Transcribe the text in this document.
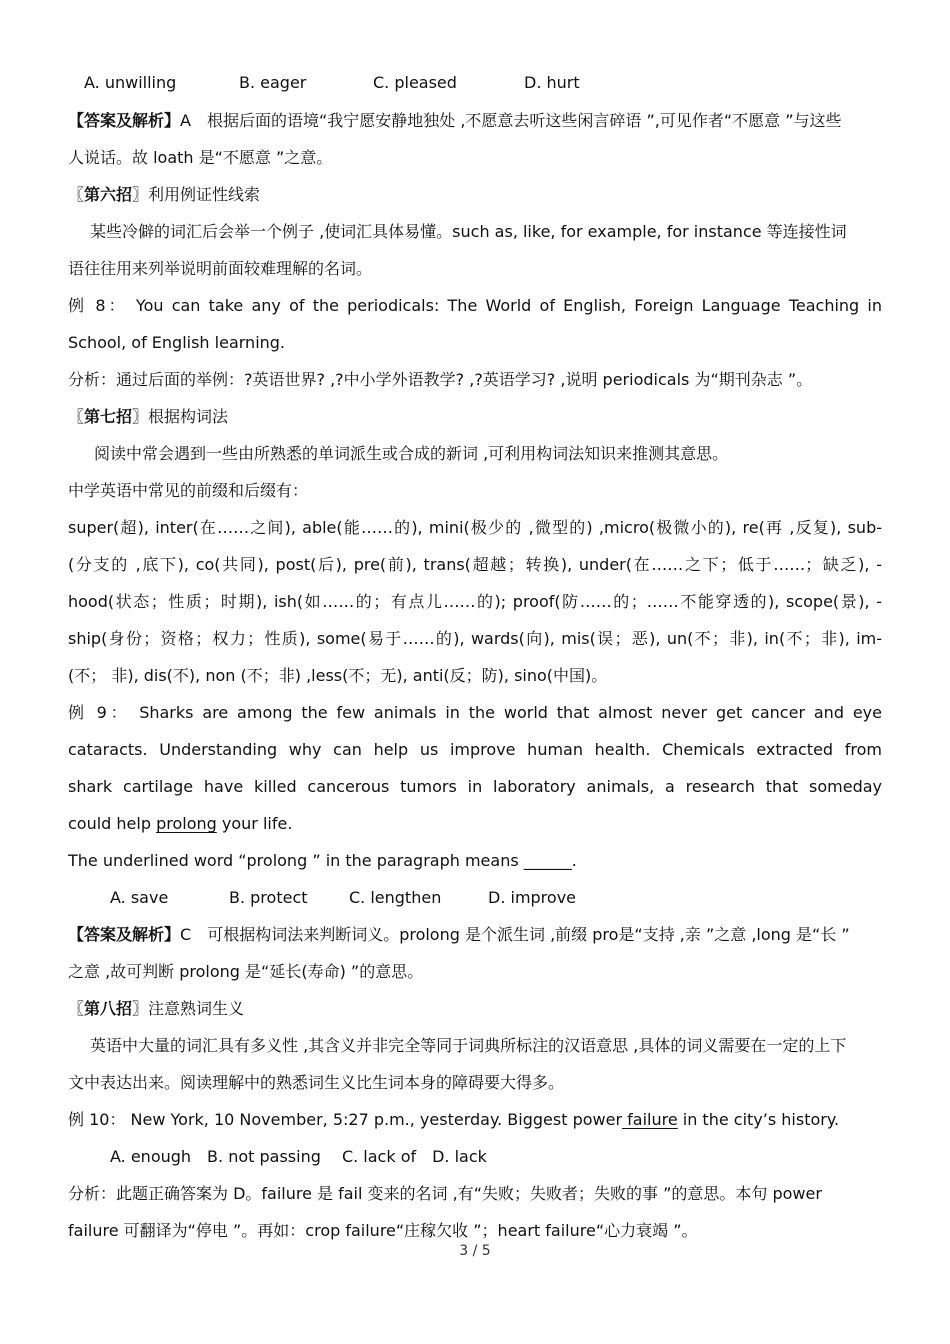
A. unwilling	B. eager	C. pleased	D. hurt
【答案及解析】A　根据后面的语境“我宁愿安静地独处 ,不愿意去听这些闲言碎语 ”,可见作者“不愿意 ”与这些
人说话。故 loath 是“不愿意 ”之意。
〖第六招〗利用例证性线索
某些冷僻的词汇后会举一个例子 ,使词汇具体易懂。such as, like, for example, for instance 等连接性词
语往往用来列举说明前面较难理解的名词。
例 8： You can take any of the periodicals: The World of English, Foreign Language Teaching in
School, of English learning.
分析：通过后面的举例：?英语世界? ,?中小学外语教学? ,?英语学习? ,说明 periodicals 为“期刊杂志 ”。
〖第七招〗根据构词法
阅读中常会遇到一些由所熟悉的单词派生或合成的新词 ,可利用构词法知识来推测其意思。
中学英语中常见的前缀和后缀有：
super(超), inter(在……之间), able(能……的), mini(极少的 ,微型的) ,micro(极微小的), re(再 ,反复), sub-
(分支的 ,底下), co(共同), post(后), pre(前), trans(超越；转换), under(在……之下；低于……；缺乏), -
hood(状态；性质；时期), ish(如……的；有点儿……的); proof(防……的；……不能穿透的), scope(景), -
ship(身份；资格；权力；性质), some(易于……的), wards(向), mis(误；恶), un(不；非), in(不；非), im-
(不； 非), dis(不), non (不；非) ,less(不；无), anti(反；防), sino(中国)。
例 9： Sharks are among the few animals in the world that almost never get cancer and eye
cataracts. Understanding why can help us improve human health. Chemicals extracted from
shark cartilage have killed cancerous tumors in laboratory animals, a research that someday
could help prolong your life.
The underlined word “prolong ” in the paragraph means ______.
A. save	B. protect	C. lengthen	D. improve
【答案及解析】C　可根据构词法来判断词义。prolong 是个派生词 ,前缀 pro是“支持 ,亲 ”之意 ,long 是“长 ”
之意 ,故可判断 prolong 是“延长(寿命) ”的意思。
〖第八招〗注意熟词生义
英语中大量的词汇具有多义性 ,其含义并非完全等同于词典所标注的汉语意思 ,具体的词义需要在一定的上下
文中表达出来。阅读理解中的熟悉词生义比生词本身的障碍要大得多。
例 10： New York, 10 November, 5:27 p.m., yesterday. Biggest power failure in the city’s history.
A. enough　B. not passing　 C. lack of　D. lack
分析：此题正确答案为 D。failure 是 fail 变来的名词 ,有“失败；失败者；失败的事 ”的意思。本句 power
failure 可翻译为“停电 ”。再如：crop failure“庄稼欠收 ”；heart failure“心力衰竭 ”。
3 / 5
